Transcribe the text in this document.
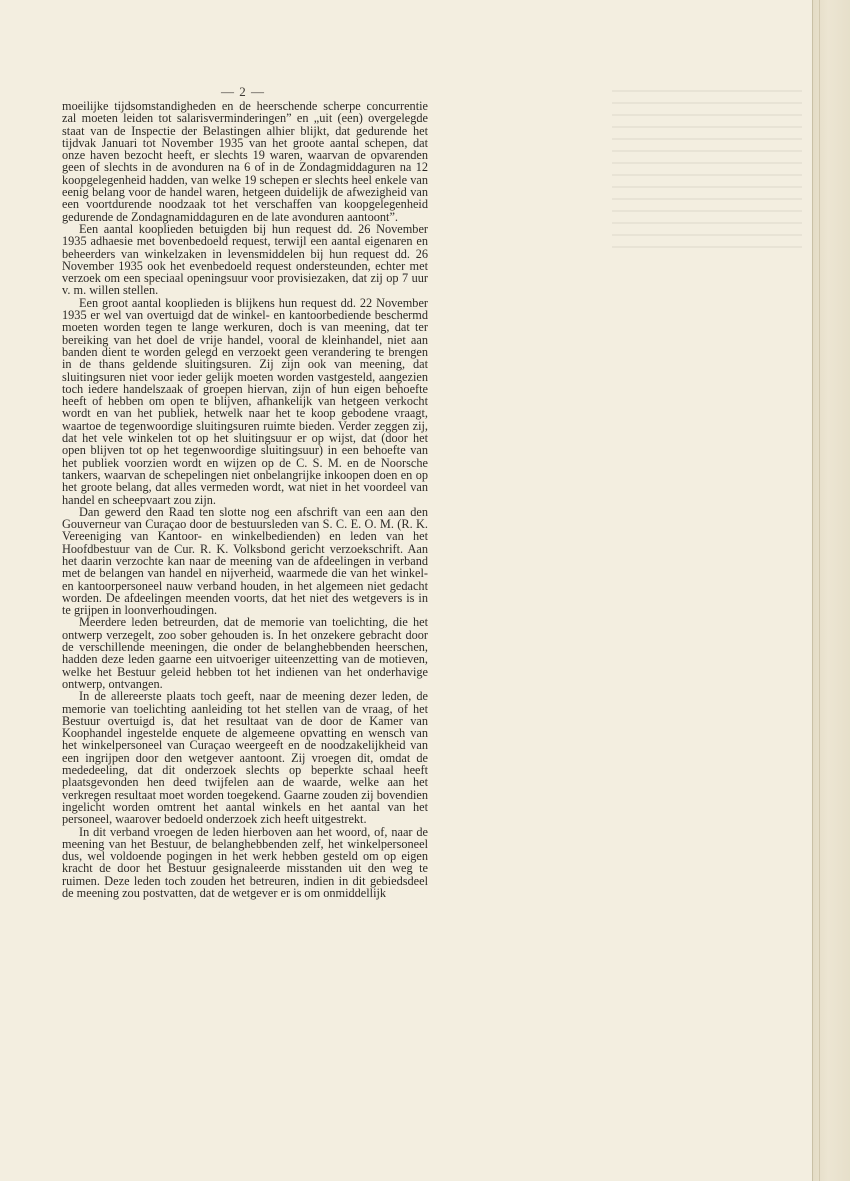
— 2 —

moeilijke tijdsomstandigheden en de heerschende scherpe concurrentie zal moeten leiden tot salarisverminderingen” en „uit (een) overgelegde staat van de Inspectie der Belastingen alhier blijkt, dat gedurende het tijdvak Januari tot November 1935 van het groote aantal schepen, dat onze haven bezocht heeft, er slechts 19 waren, waarvan de opvarenden geen of slechts in de avonduren na 6 of in de Zondagmiddaguren na 12 koopgelegenheid hadden, van welke 19 schepen er slechts heel enkele van eenig belang voor de handel waren, hetgeen duidelijk de afwezigheid van een voortdurende noodzaak tot het verschaffen van koopgelegenheid gedurende de Zondagnamiddaguren en de late avonduren aantoont”.

Een aantal kooplieden betuigden bij hun request dd. 26 November 1935 adhaesie met bovenbedoeld request, terwijl een aantal eigenaren en beheerders van winkelzaken in levensmiddelen bij hun request dd. 26 November 1935 ook het evenbedoeld request ondersteunden, echter met verzoek om een speciaal openingsuur voor provisiezaken, dat zij op 7 uur v. m. willen stellen.

Een groot aantal kooplieden is blijkens hun request dd. 22 November 1935 er wel van overtuigd dat de winkel- en kantoorbediende beschermd moeten worden tegen te lange werkuren, doch is van meening, dat ter bereiking van het doel de vrije handel, vooral de kleinhandel, niet aan banden dient te worden gelegd en verzoekt geen verandering te brengen in de thans geldende sluitingsuren. Zij zijn ook van meening, dat sluitingsuren niet voor ieder gelijk moeten worden vastgesteld, aangezien toch iedere handelszaak of groepen hiervan, zijn of hun eigen behoefte heeft of hebben om open te blijven, afhankelijk van hetgeen verkocht wordt en van het publiek, hetwelk naar het te koop gebodene vraagt, waartoe de tegenwoordige sluitingsuren ruimte bieden. Verder zeggen zij, dat het vele winkelen tot op het sluitingsuur er op wijst, dat (door het open blijven tot op het tegenwoordige sluitingsuur) in een behoefte van het publiek voorzien wordt en wijzen op de C. S. M. en de Noorsche tankers, waarvan de schepelingen niet onbelangrijke inkoopen doen en op het groote belang, dat alles vermeden wordt, wat niet in het voordeel van handel en scheepvaart zou zijn.

Dan gewerd den Raad ten slotte nog een afschrift van een aan den Gouverneur van Curaçao door de bestuursleden van S. C. E. O. M. (R. K. Vereeniging van Kantoor- en winkelbedienden) en leden van het Hoofdbestuur van de Cur. R. K. Volksbond gericht verzoekschrift. Aan het daarin verzochte kan naar de meening van de afdeelingen in verband met de belangen van handel en nijverheid, waarmede die van het winkel- en kantoorpersoneel nauw verband houden, in het algemeen niet gedacht worden. De afdeelingen meenden voorts, dat het niet des wetgevers is in te grijpen in loonverhoudingen.

Meerdere leden betreurden, dat de memorie van toelichting, die het ontwerp verzegelt, zoo sober gehouden is. In het onzekere gebracht door de verschillende meeningen, die onder de belanghebbenden heerschen, hadden deze leden gaarne een uitvoeriger uiteenzetting van de motieven, welke het Bestuur geleid hebben tot het indienen van het onderhavige ontwerp, ontvangen.

In de allereerste plaats toch geeft, naar de meening dezer leden, de memorie van toelichting aanleiding tot het stellen van de vraag, of het Bestuur overtuigd is, dat het resultaat van de door de Kamer van Koophandel ingestelde enquete de algemeene opvatting en wensch van het winkelpersoneel van Curaçao weergeeft en de noodzakelijkheid van een ingrijpen door den wetgever aantoont. Zij vroegen dit, omdat de mededeeling, dat dit onderzoek slechts op beperkte schaal heeft plaatsgevonden hen deed twijfelen aan de waarde, welke aan het verkregen resultaat moet worden toegekend. Gaarne zouden zij bovendien ingelicht worden omtrent het aantal winkels en het aantal van het personeel, waarover bedoeld onderzoek zich heeft uitgestrekt.

In dit verband vroegen de leden hierboven aan het woord, of, naar de meening van het Bestuur, de belanghebbenden zelf, het winkelpersoneel dus, wel voldoende pogingen in het werk hebben gesteld om op eigen kracht de door het Bestuur gesignaleerde misstanden uit den weg te ruimen. Deze leden toch zouden het betreuren, indien in dit gebiedsdeel de meening zou postvatten, dat de wetgever er is om onmiddellijk
